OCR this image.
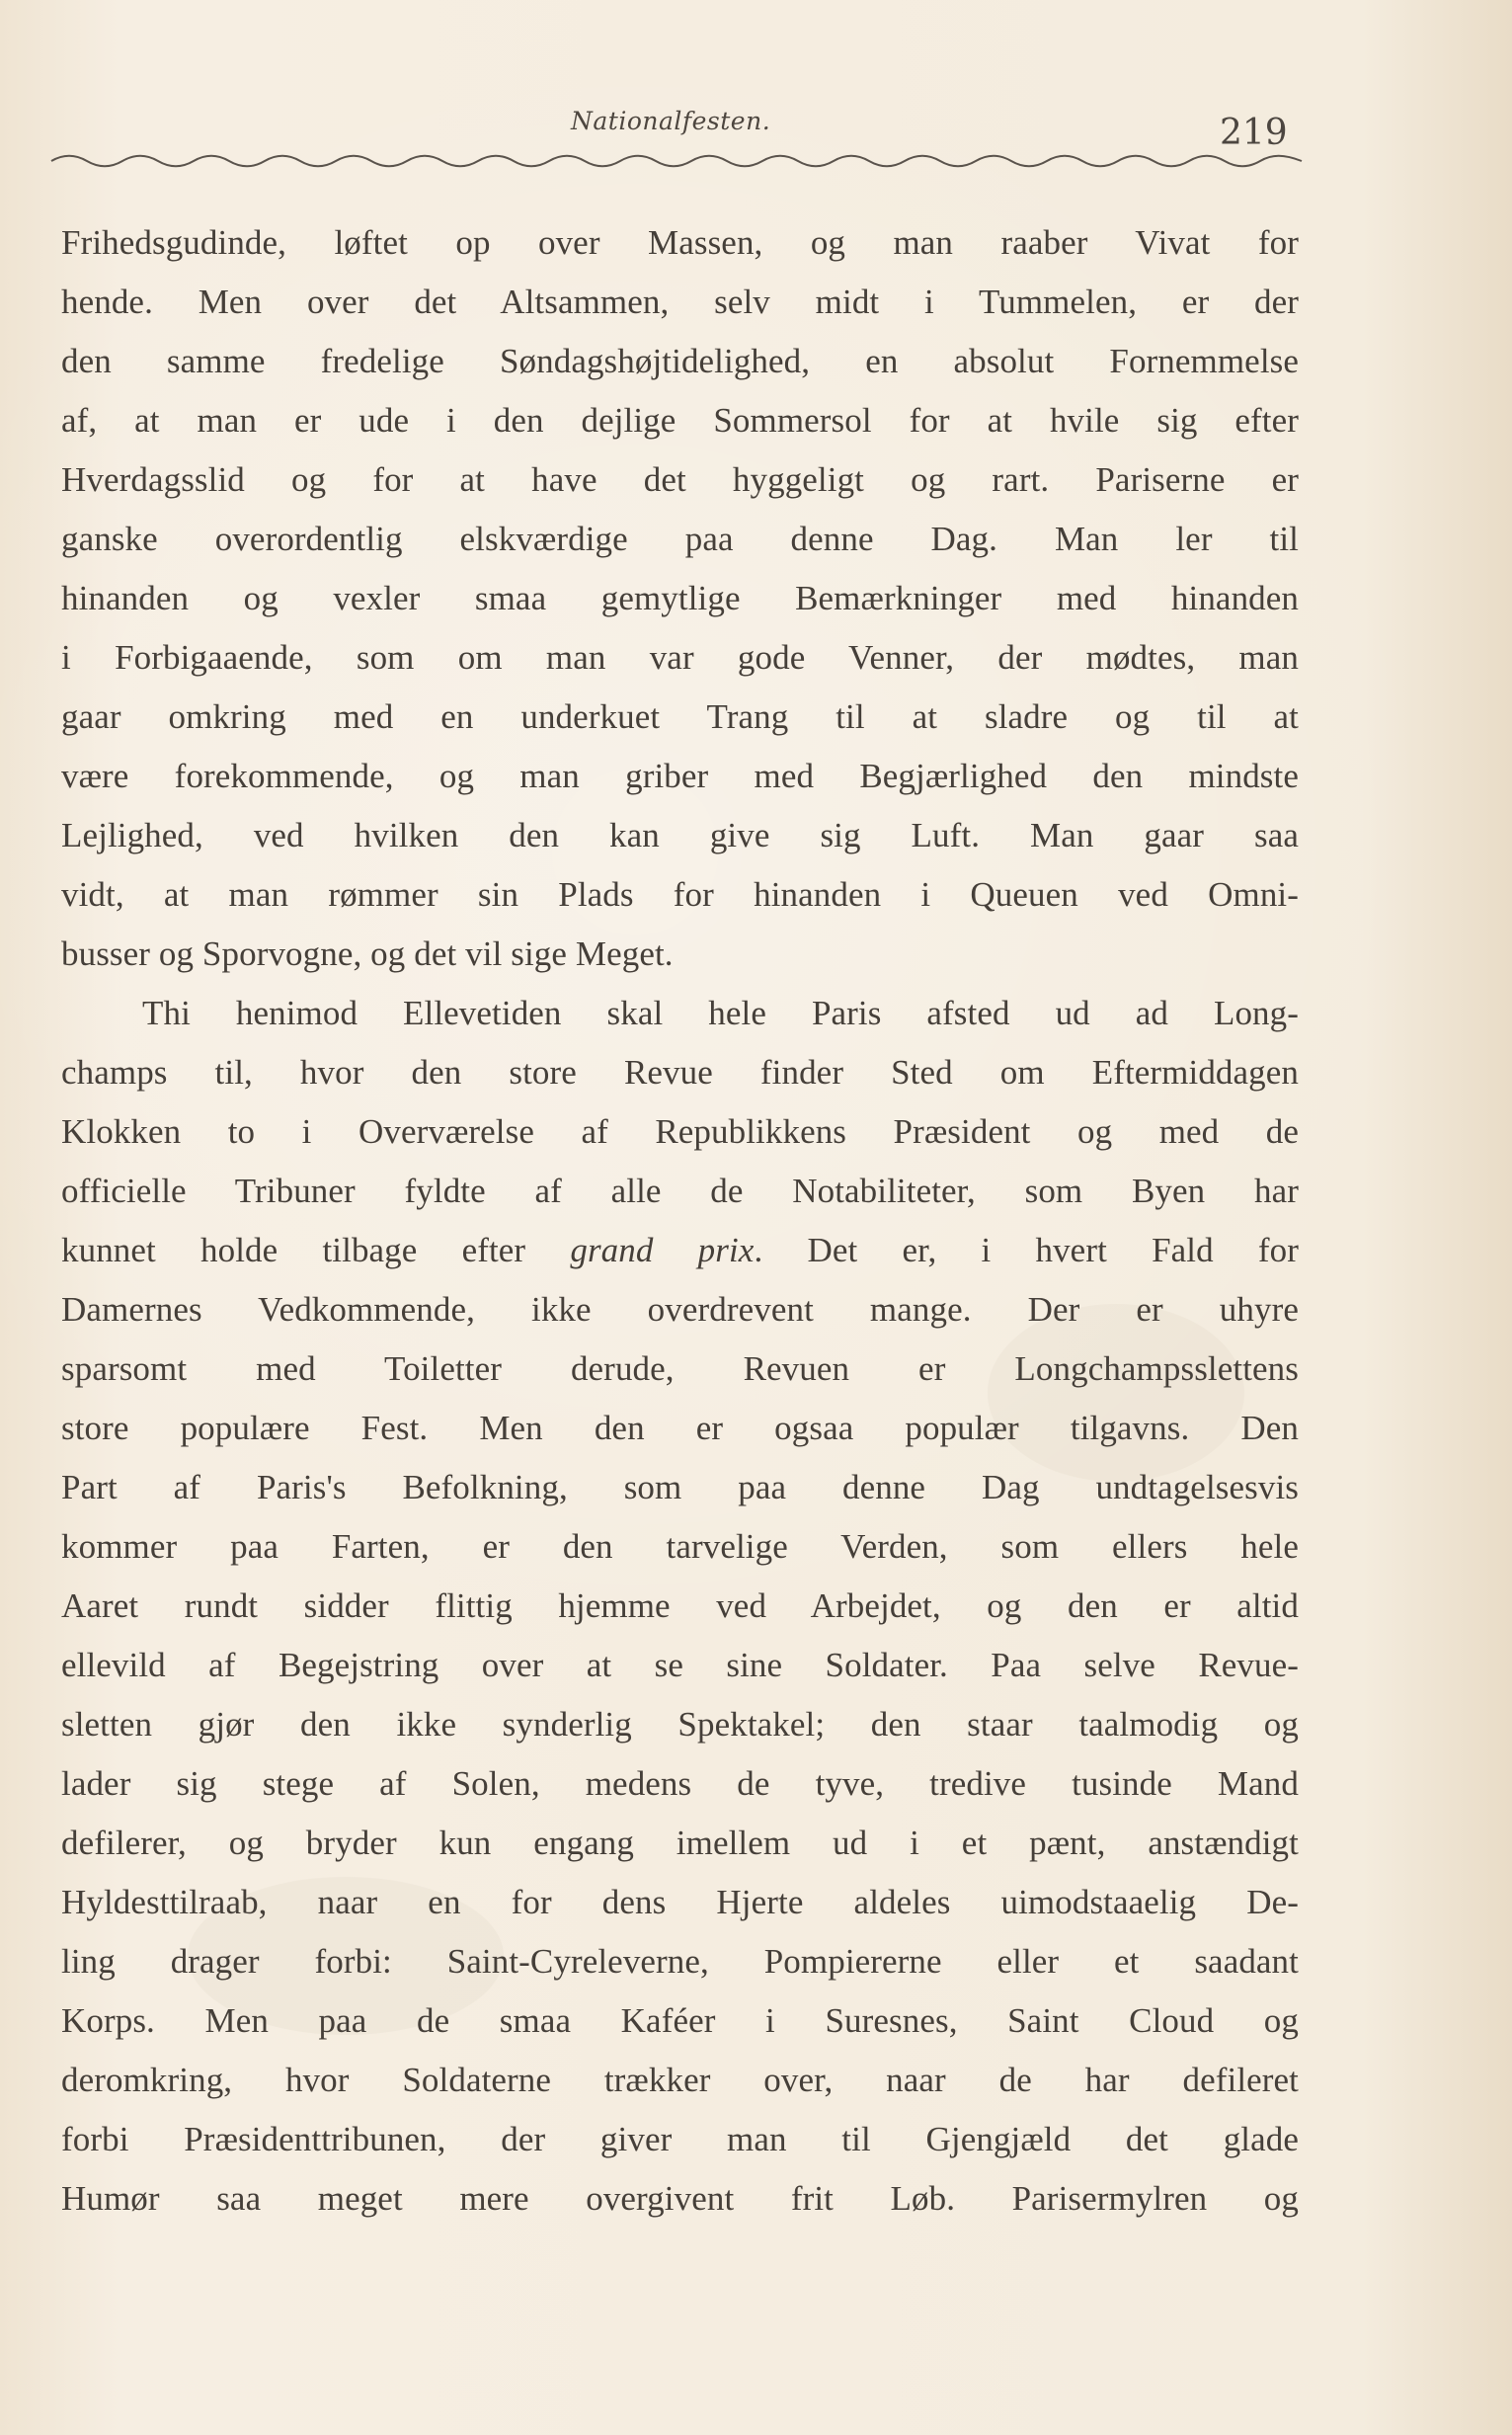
Nationalfesten.	219
Frihedsgudinde, løftet op over Massen, og man raaber Vivat for
hende. Men over det Altsammen, selv midt i Tummelen, er der
den samme fredelige Søndagshøjtidelighed, en absolut Fornemmelse
af, at man er ude i den dejlige Sommersol for at hvile sig efter
Hverdagsslid og for at have det hyggeligt og rart. Pariserne er
ganske overordentlig elskværdige paa denne Dag. Man ler til
hinanden og vexler smaa gemytlige Bemærkninger med hinanden
i Forbigaaende, som om man var gode Venner, der mødtes, man
gaar omkring med en underkuet Trang til at sladre og til at
være forekommende, og man griber med Begjærlighed den mindste
Lejlighed, ved hvilken den kan give sig Luft. Man gaar saa
vidt, at man rømmer sin Plads for hinanden i Queuen ved Omni-
busser og Sporvogne, og det vil sige Meget.
Thi henimod Ellevetiden skal hele Paris afsted ud ad Long-
champs til, hvor den store Revue finder Sted om Eftermiddagen
Klokken to i Overværelse af Republikkens Præsident og med de
officielle Tribuner fyldte af alle de Notabiliteter, som Byen har
kunnet holde tilbage efter grand prix. Det er, i hvert Fald for
Damernes Vedkommende, ikke overdrevent mange. Der er uhyre
sparsomt med Toiletter derude, Revuen er Longchampsslettens
store populære Fest. Men den er ogsaa populær tilgavns. Den
Part af Paris's Befolkning, som paa denne Dag undtagelsesvis
kommer paa Farten, er den tarvelige Verden, som ellers hele
Aaret rundt sidder flittig hjemme ved Arbejdet, og den er altid
ellevild af Begejstring over at se sine Soldater. Paa selve Revue-
sletten gjør den ikke synderlig Spektakel; den staar taalmodig og
lader sig stege af Solen, medens de tyve, tredive tusinde Mand
defilerer, og bryder kun engang imellem ud i et pænt, anstændigt
Hyldesttilraab, naar en for dens Hjerte aldeles uimodstaaelig De-
ling drager forbi: Saint-Cyreleverne, Pompiererne eller et saadant
Korps. Men paa de smaa Kaféer i Suresnes, Saint Cloud og
deromkring, hvor Soldaterne trækker over, naar de har defileret
forbi Præsidenttribunen, der giver man til Gjengjæld det glade
Humør saa meget mere overgivent frit Løb. Parisermylren og
